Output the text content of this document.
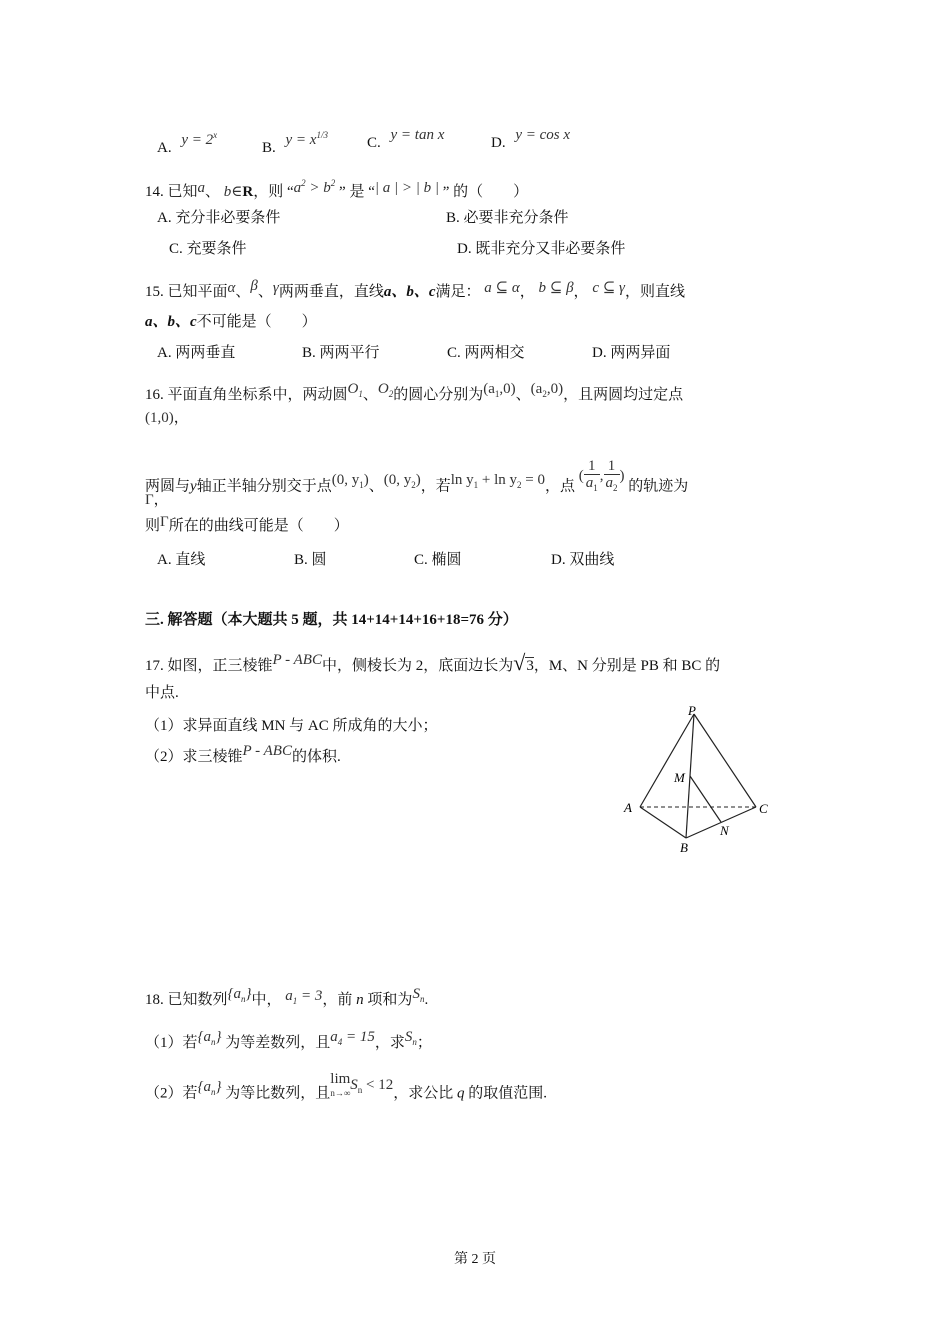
A. $y = 2^x$
B. $y = x^{1/3}$	C. y = tan x	D. y = cos x
14. 已知a、 b∈R，则 “$a^2 > b^2$ ” 是 “| a | > | b | ” 的（　　）
A. 充分非必要条件	B. 必要非充分条件
C. 充要条件	D. 既非充分又非必要条件
15. 已知平面α、β、γ两两垂直，直线a、b、c满足： a ⊆ α， b ⊆ β， c ⊆ γ，则直线
a、b、c不可能是（　　）
A. 两两垂直	B. 两两平行	C. 两两相交	D. 两两异面
16. 平面直角坐标系中，两动圆$O_1$、$O_2$的圆心分别为$(a_1,0)$、$(a_2,0)$，且两圆均过定点
(1,0)，
两圆与y轴正半轴分别交于点(0, $y_1$)、(0, $y_2$)，若$\ln y_1 + \ln y_2 = 0$，点 ( $\frac{1}{a_1}$ , $\frac{1}{a_2}$ ) 的轨迹为
Γ，
则Γ所在的曲线可能是（　　）
A. 直线	B. 圆	C. 椭圆	D. 双曲线
三. 解答题（本大题共 5 题，共 14+14+14+16+18=76 分）
17. 如图，正三棱锥P - ABC中，侧棱长为 2，底面边长为√3，M、N 分别是 PB 和 BC 的
中点.
（1）求异面直线 MN 与 AC 所成角的大小；
（2）求三棱锥P - ABC的体积.
P
M
A	C
N
B
18. 已知数列$\{a_n\}$中， $a_1 = 3$，前 n 项和为$S_n$.
（1）若$\{a_n\}$ 为等差数列，且$a_4 = 15$，求$S_n$；
（2）若$\{a_n\}$ 为等比数列，且lim
n→∞ $S_n < 12$，求公比 q 的取值范围.
第 2 页
